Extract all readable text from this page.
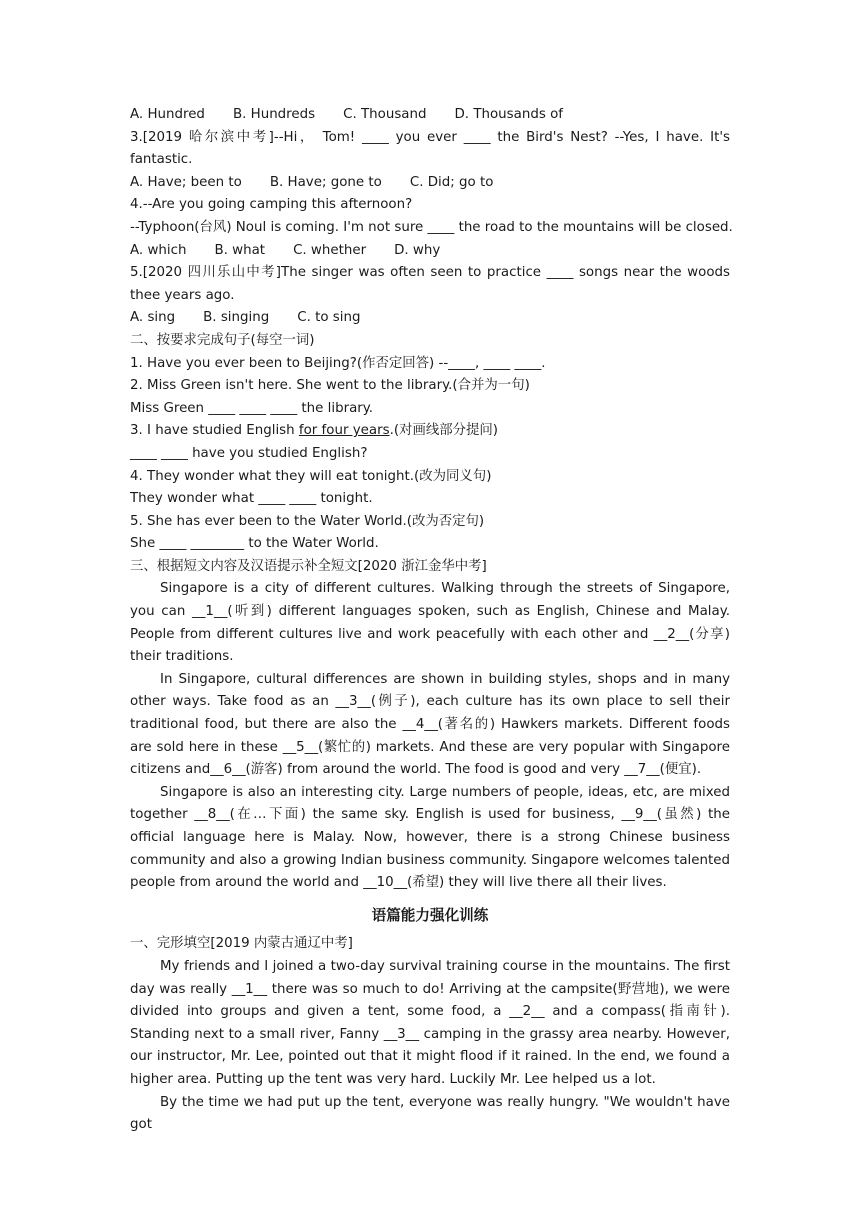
A. Hundred B. Hundreds C. Thousand D. Thousands of
3.[2019 哈尔滨中考]--Hi， Tom! ____ you ever ____ the Bird's Nest? --Yes, I have. It's fantastic.
A. Have; been to B. Have; gone to C. Did; go to
4.--Are you going camping this afternoon?
--Typhoon(台风) Noul is coming. I'm not sure ____ the road to the mountains will be closed.
A. which B. what C. whether D. why
5.[2020 四川乐山中考]The singer was often seen to practice ____ songs near the woods thee years ago.
A. sing B. singing C. to sing
二、按要求完成句子(每空一词)
1. Have you ever been to Beijing?(作否定回答) --____, ____ ____.
2. Miss Green isn't here. She went to the library.(合并为一句)
Miss Green ____ ____ ____ the library.
3. I have studied English for four years.(对画线部分提问)
____ ____ have you studied English?
4. They wonder what they will eat tonight.(改为同义句)
They wonder what ____ ____ tonight.
5. She has ever been to the Water World.(改为否定句)
She ____ ________ to the Water World.
三、根据短文内容及汉语提示补全短文[2020 浙江金华中考]
Singapore is a city of different cultures. Walking through the streets of Singapore, you can __1__(听到) different languages spoken, such as English, Chinese and Malay. People from different cultures live and work peacefully with each other and __2__(分享) their traditions.
In Singapore, cultural differences are shown in building styles, shops and in many other ways. Take food as an __3__(例子), each culture has its own place to sell their traditional food, but there are also the __4__(著名的) Hawkers markets. Different foods are sold here in these __5__(繁忙的) markets. And these are very popular with Singapore citizens and__6__(游客) from around the world. The food is good and very __7__(便宜).
Singapore is also an interesting city. Large numbers of people, ideas, etc, are mixed together __8__(在…下面) the same sky. English is used for business, __9__(虽然) the official language here is Malay. Now, however, there is a strong Chinese business community and also a growing Indian business community. Singapore welcomes talented people from around the world and __10__(希望) they will live there all their lives.
语篇能力强化训练
一、完形填空[2019 内蒙古通辽中考]
My friends and I joined a two-day survival training course in the mountains. The first day was really __1__ there was so much to do! Arriving at the campsite(野营地), we were divided into groups and given a tent, some food, a __2__ and a compass(指南针). Standing next to a small river, Fanny __3__ camping in the grassy area nearby. However, our instructor, Mr. Lee, pointed out that it might flood if it rained. In the end, we found a higher area. Putting up the tent was very hard. Luckily Mr. Lee helped us a lot.
By the time we had put up the tent, everyone was really hungry. "We wouldn't have got
